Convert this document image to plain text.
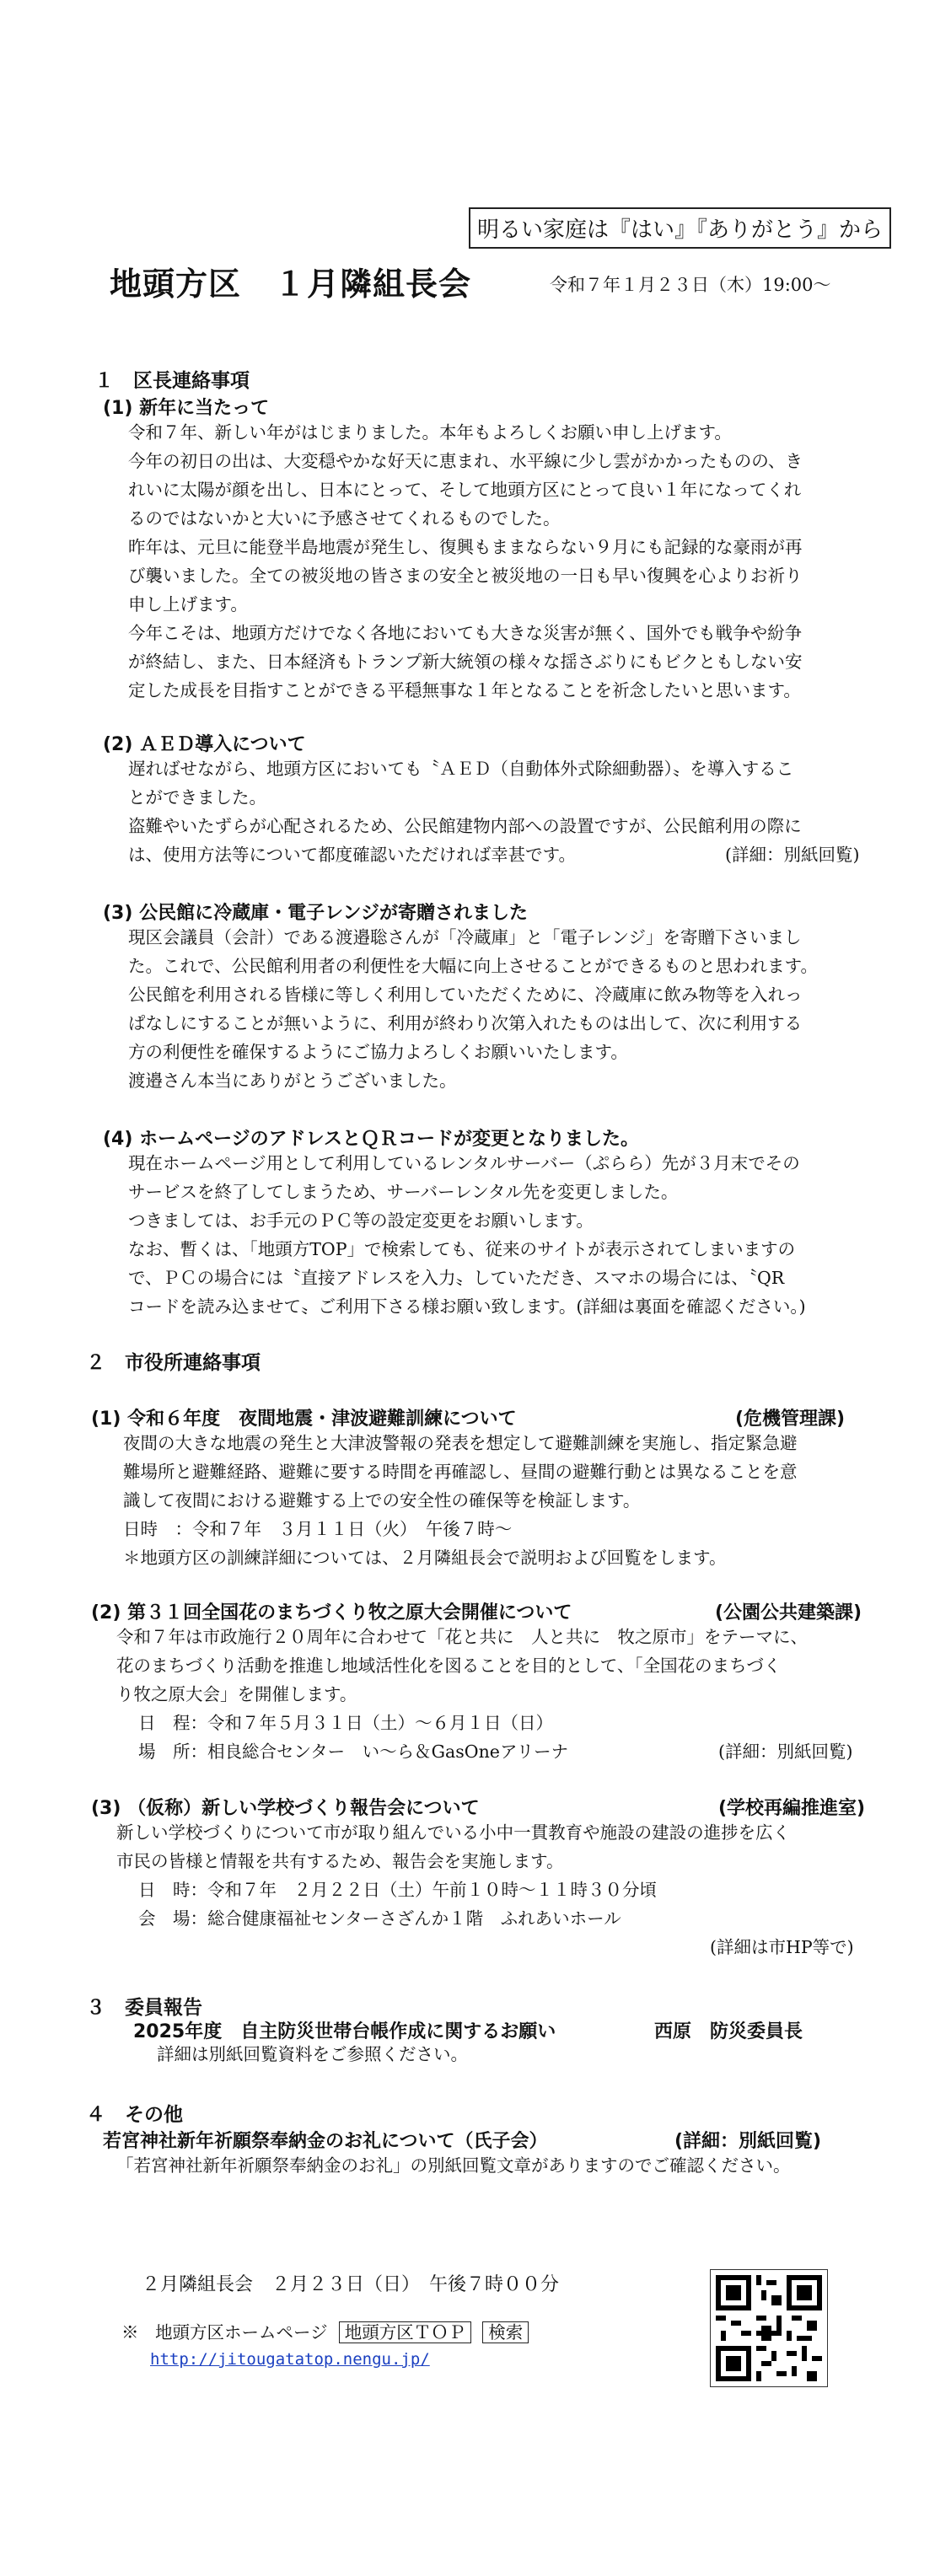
明るい家庭は『はい』『ありがとう』から
地頭方区　１月隣組長会	令和７年１月２３日（木）19:00～
１　区長連絡事項
(1) 新年に当たって
令和７年、新しい年がはじまりました。本年もよろしくお願い申し上げます。
今年の初日の出は、大変穏やかな好天に恵まれ、水平線に少し雲がかかったものの、き
れいに太陽が顔を出し、日本にとって、そして地頭方区にとって良い１年になってくれ
るのではないかと大いに予感させてくれるものでした。
昨年は、元旦に能登半島地震が発生し、復興もままならない９月にも記録的な豪雨が再
び襲いました。全ての被災地の皆さまの安全と被災地の一日も早い復興を心よりお祈り
申し上げます。
今年こそは、地頭方だけでなく各地においても大きな災害が無く、国外でも戦争や紛争
が終結し、また、日本経済もトランプ新大統領の様々な揺さぶりにもビクともしない安
定した成長を目指すことができる平穏無事な１年となることを祈念したいと思います。
(2) ＡＥＤ導入について
遅ればせながら、地頭方区においても〝ＡＥＤ（自動体外式除細動器）〟を導入するこ
とができました。
盗難やいたずらが心配されるため、公民館建物内部への設置ですが、公民館利用の際に
は、使用方法等について都度確認いただければ幸甚です。	(詳細：別紙回覧)
(3) 公民館に冷蔵庫・電子レンジが寄贈されました
現区会議員（会計）である渡邉聡さんが「冷蔵庫」と「電子レンジ」を寄贈下さいまし
た。これで、公民館利用者の利便性を大幅に向上させることができるものと思われます。
公民館を利用される皆様に等しく利用していただくために、冷蔵庫に飲み物等を入れっ
ぱなしにすることが無いように、利用が終わり次第入れたものは出して、次に利用する
方の利便性を確保するようにご協力よろしくお願いいたします。
渡邉さん本当にありがとうございました。
(4) ホームページのアドレスとＱＲコードが変更となりました。
現在ホームページ用として利用しているレンタルサーバー（ぷらら）先が３月末でその
サービスを終了してしまうため、サーバーレンタル先を変更しました。
つきましては、お手元のＰＣ等の設定変更をお願いします。
なお、暫くは、「地頭方TOP」で検索しても、従来のサイトが表示されてしまいますの
で、ＰＣの場合には〝直接アドレスを入力〟していただき、スマホの場合には、〝QR
コードを読み込ませて〟ご利用下さる様お願い致します。(詳細は裏面を確認ください。)
２　市役所連絡事項
(1) 令和６年度　夜間地震・津波避難訓練について	(危機管理課)
夜間の大きな地震の発生と大津波警報の発表を想定して避難訓練を実施し、指定緊急避
難場所と避難経路、避難に要する時間を再確認し、昼間の避難行動とは異なることを意
識して夜間における避難する上での安全性の確保等を検証します。
日時　：令和７年　３月１１日（火）　午後７時～
＊地頭方区の訓練詳細については、２月隣組長会で説明および回覧をします。
(2) 第３１回全国花のまちづくり牧之原大会開催について	(公園公共建築課)
令和７年は市政施行２０周年に合わせて「花と共に　人と共に　牧之原市」をテーマに、
花のまちづくり活動を推進し地域活性化を図ることを目的として、「全国花のまちづく
り牧之原大会」を開催します。
日　程：令和７年５月３１日（土）～６月１日（日）
場　所：相良総合センター　い～ら＆GasOneアリーナ	(詳細：別紙回覧)
(3) （仮称）新しい学校づくり報告会について	(学校再編推進室)
新しい学校づくりについて市が取り組んでいる小中一貫教育や施設の建設の進捗を広く
市民の皆様と情報を共有するため、報告会を実施します。
日　時：令和７年　２月２２日（土）午前１０時～１１時３０分頃
会　場：総合健康福祉センターさざんか１階　ふれあいホール
(詳細は市HP等で)
３　委員報告
2025年度　自主防災世帯台帳作成に関するお願い	西原　防災委員長
詳細は別紙回覧資料をご参照ください。
４　その他
若宮神社新年祈願祭奉納金のお礼について（氏子会）	(詳細：別紙回覧)
「若宮神社新年祈願祭奉納金のお礼」の別紙回覧文章がありますのでご確認ください。
２月隣組長会　２月２３日（日）　午後７時００分
※ 地頭方区ホームページ 地頭方区ＴＯＰ 検索
http://jitougatatop.nengu.jp/
